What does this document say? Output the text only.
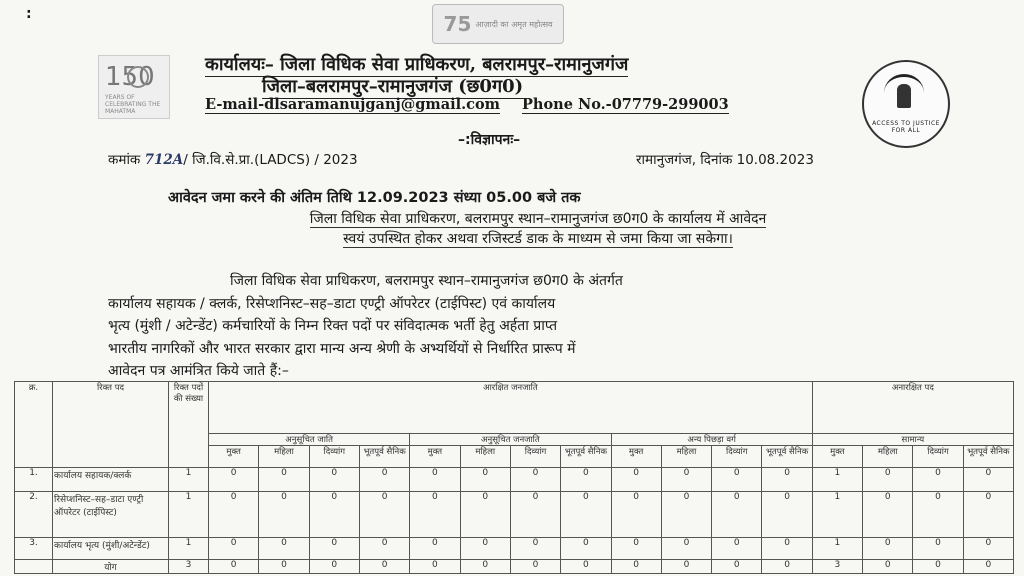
:	75 आज़ादी का अमृत महोत्सव
150
YEARS OF CELEBRATING THE MAHATMA
ACCESS TO JUSTICE FOR ALL
कार्यालयः– जिला विधिक सेवा प्राधिकरण, बलरामपुर–रामानुजगंज
जिला–बलरामपुर–रामानुजगंज (छ0ग0)
E-mail-dlsaramanujganj@gmail.com Phone No.-07779-299003
–:विज्ञापनः–
कमांक 712A/ जि.वि.से.प्रा.(LADCS) / 2023	रामानुजगंज, दिनांक 10.08.2023
आवेदन जमा करने की अंतिम तिथि 12.09.2023 संध्या 05.00 बजे तक
जिला विधिक सेवा प्राधिकरण, बलरामपुर स्थान–रामानुजगंज छ0ग0 के कार्यालय में आवेदन
स्वयं उपस्थित होकर अथवा रजिस्टर्ड डाक के माध्यम से जमा किया जा सकेगा।
जिला विधिक सेवा प्राधिकरण, बलरामपुर स्थान–रामानुजगंज छ0ग0 के अंतर्गत
कार्यालय सहायक / क्लर्क, रिसेप्शनिस्ट–सह–डाटा एण्ट्री ऑपरेटर (टाईपिस्ट) एवं कार्यालय
भृत्य (मुंशी / अटेन्डेंट) कर्मचारियों के निम्न रिक्त पदों पर संविदात्मक भर्ती हेतु अर्हता प्राप्त
भारतीय नागरिकों और भारत सरकार द्वारा मान्य अन्य श्रेणी के अभ्यर्थियों से निर्धारित प्रारूप में
आवेदन पत्र आमंत्रित किये जाते हैं:–
क्र.	रिक्त पद	रिक्त पदों की संख्या	आरक्षित जनजाति												अनारक्षित पद			
			अनुसूचित जाति				अनुसूचित जनजाति				अन्य पिछड़ा वर्ग				सामान्य			
			मुक्त	महिला	दिव्यांग	भूतपूर्व सैनिक	मुक्त	महिला	दिव्यांग	भूतपूर्व सैनिक	मुक्त	महिला	दिव्यांग	भूतपूर्व सैनिक	मुक्त	महिला	दिव्यांग	भूतपूर्व सैनिक
1.	कार्यालय सहायक/क्लर्क	1	0	0	0	0	0	0	0	0	0	0	0	0	1	0	0	0
2.	रिसेप्शनिस्ट–सह–डाटा एण्ट्री ऑपरेटर (टाईपिस्ट)	1	0	0	0	0	0	0	0	0	0	0	0	0	1	0	0	0
3.	कार्यालय भृत्य (मुंशी/अटेन्डेंट)	1	0	0	0	0	0	0	0	0	0	0	0	0	1	0	0	0
	योग	3	0	0	0	0	0	0	0	0	0	0	0	0	3	0	0	0
